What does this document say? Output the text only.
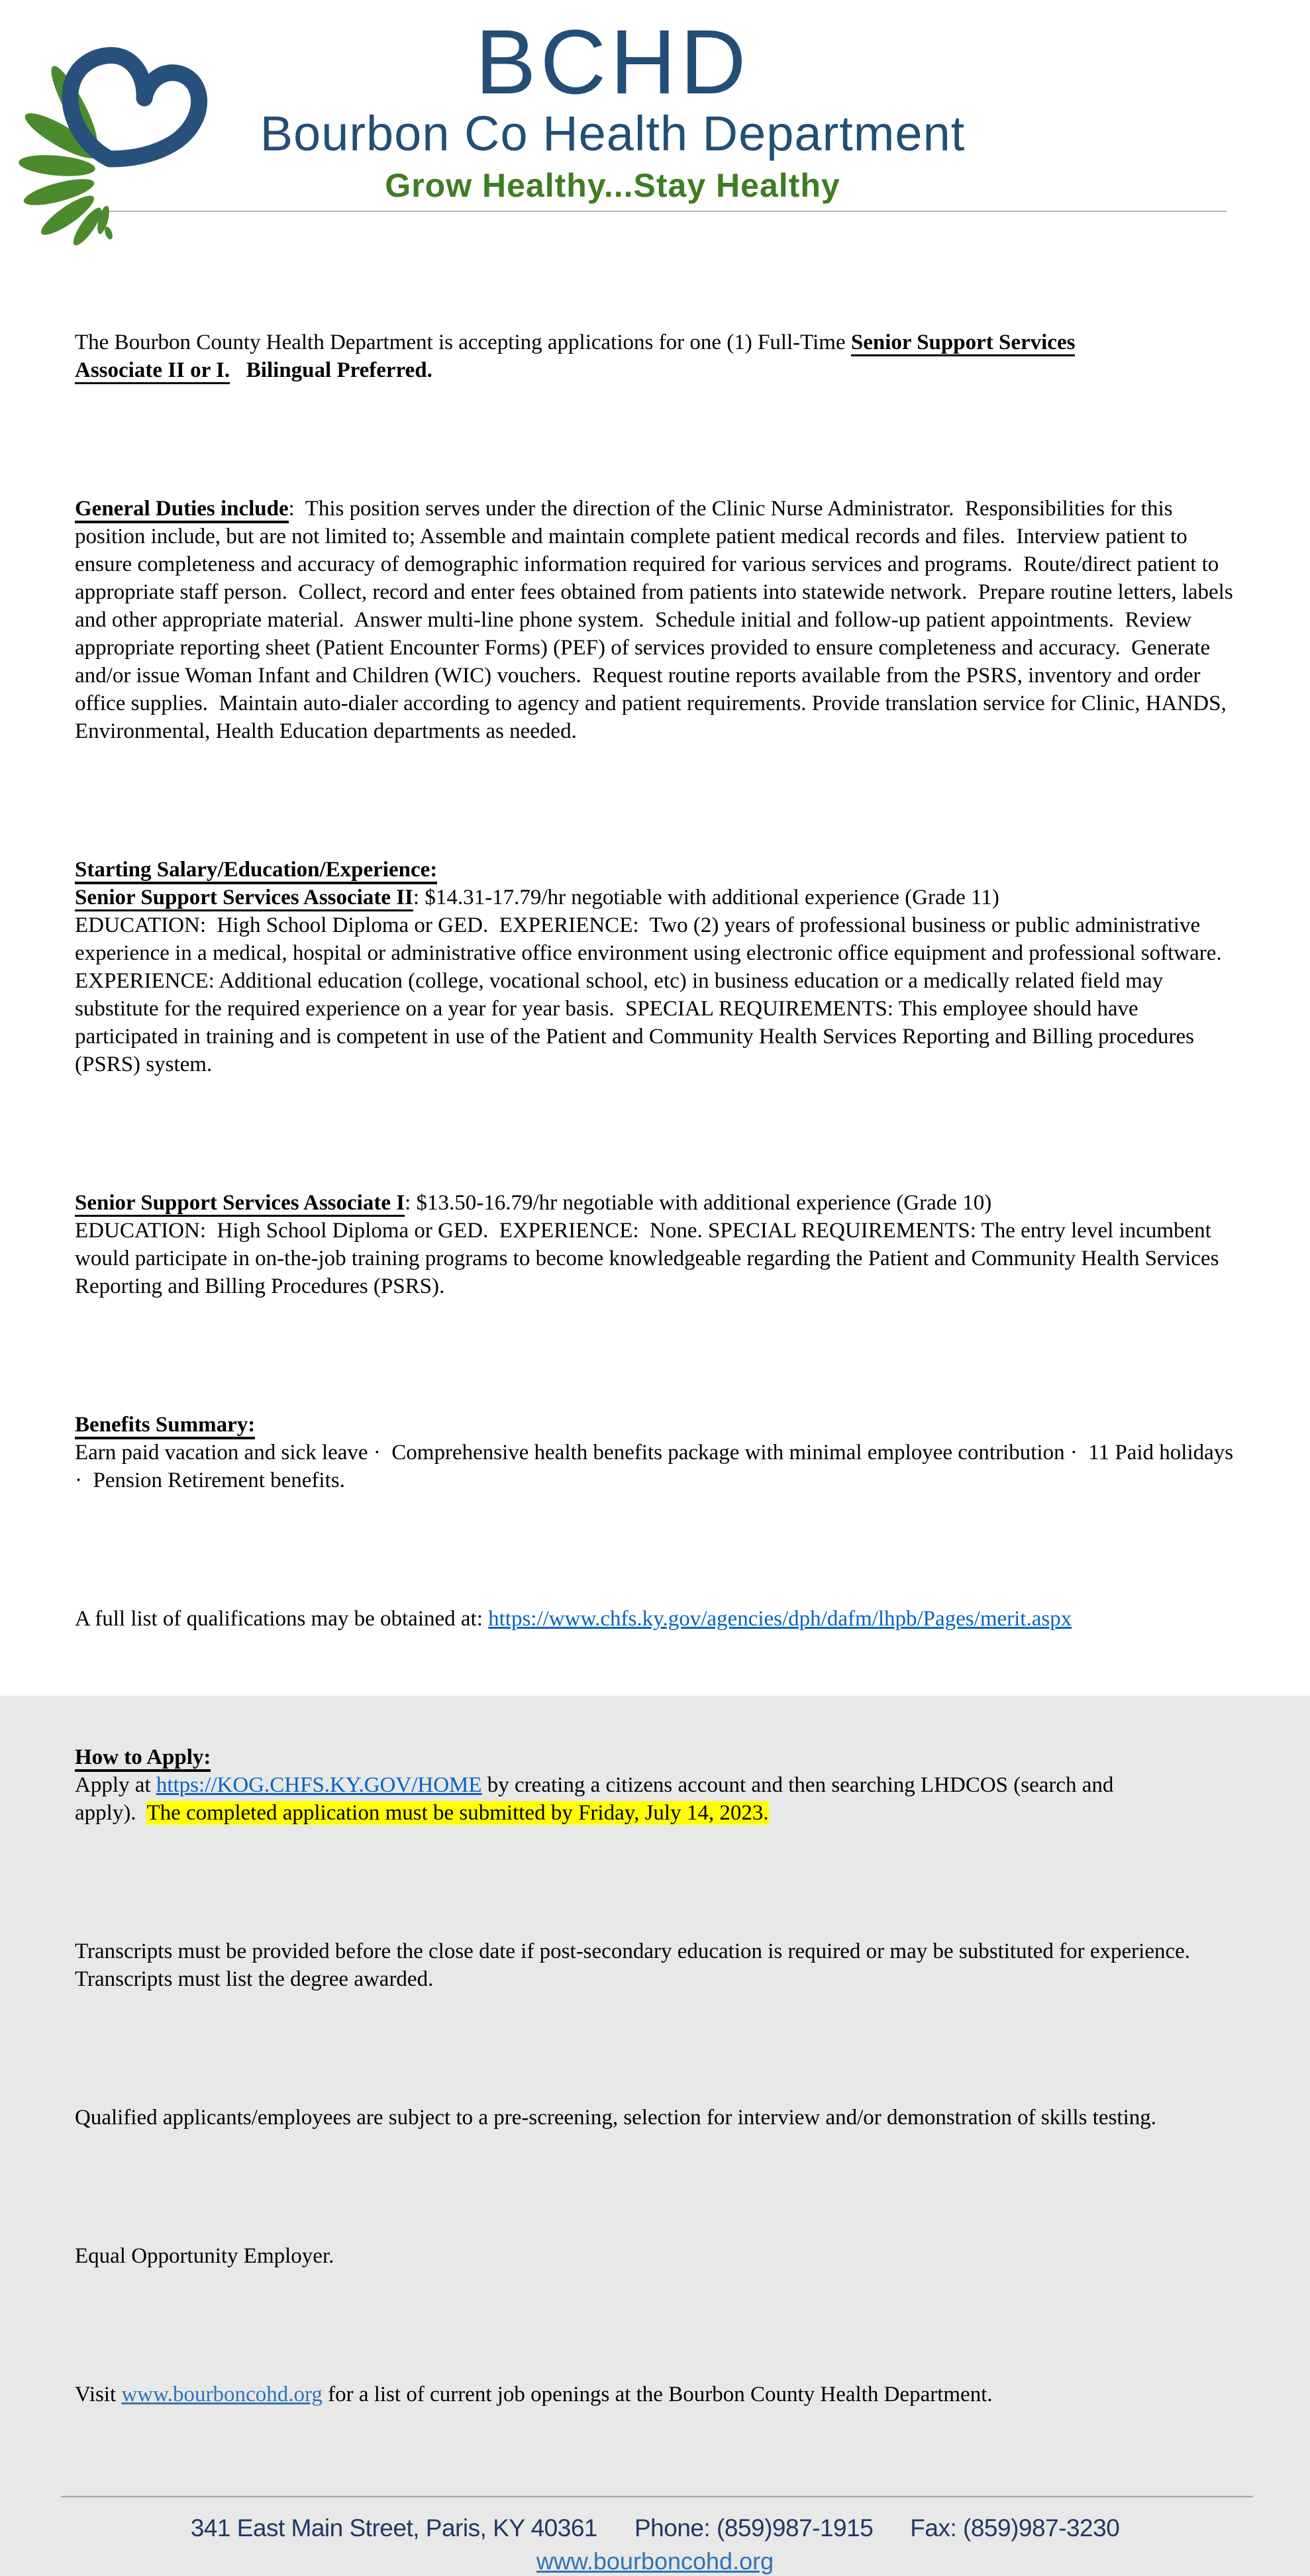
BCHD
Bourbon Co Health Department
Grow Healthy...Stay Healthy

The Bourbon County Health Department is accepting applications for one (1) Full-Time Senior Support Services
Associate II or I. Bilingual Preferred.

General Duties include:  This position serves under the direction of the Clinic Nurse Administrator.  Responsibilities for this position include, but are not limited to; Assemble and maintain complete patient medical records and files.  Interview patient to ensure completeness and accuracy of demographic information required for various services and programs.  Route/direct patient to appropriate staff person.  Collect, record and enter fees obtained from patients into statewide network.  Prepare routine letters, labels and other appropriate material.  Answer multi-line phone system.  Schedule initial and follow-up patient appointments.  Review appropriate reporting sheet (Patient Encounter Forms) (PEF) of services provided to ensure completeness and accuracy.  Generate and/or issue Woman Infant and Children (WIC) vouchers.  Request routine reports available from the PSRS, inventory and order office supplies.  Maintain auto-dialer according to agency and patient requirements. Provide translation service for Clinic, HANDS, Environmental, Health Education departments as needed.

Starting Salary/Education/Experience:
Senior Support Services Associate II: $14.31-17.79/hr negotiable with additional experience (Grade 11)
EDUCATION:  High School Diploma or GED.  EXPERIENCE:  Two (2) years of professional business or public administrative experience in a medical, hospital or administrative office environment using electronic office equipment and professional software. EXPERIENCE: Additional education (college, vocational school, etc) in business education or a medically related field may substitute for the required experience on a year for year basis.  SPECIAL REQUIREMENTS: This employee should have participated in training and is competent in use of the Patient and Community Health Services Reporting and Billing procedures (PSRS) system.

Senior Support Services Associate I: $13.50-16.79/hr negotiable with additional experience (Grade 10)
EDUCATION:  High School Diploma or GED.  EXPERIENCE:  None. SPECIAL REQUIREMENTS: The entry level incumbent would participate in on-the-job training programs to become knowledgeable regarding the Patient and Community Health Services Reporting and Billing Procedures (PSRS).

Benefits Summary:
Earn paid vacation and sick leave ·  Comprehensive health benefits package with minimal employee contribution ·  11 Paid holidays ·  Pension Retirement benefits.

A full list of qualifications may be obtained at: https://www.chfs.ky.gov/agencies/dph/dafm/lhpb/Pages/merit.aspx

How to Apply:
Apply at https://KOG.CHFS.KY.GOV/HOME by creating a citizens account and then searching LHDCOS (search and
apply).  The completed application must be submitted by Friday, July 14, 2023.

Transcripts must be provided before the close date if post-secondary education is required or may be substituted for experience.  Transcripts must list the degree awarded.

Qualified applicants/employees are subject to a pre-screening, selection for interview and/or demonstration of skills testing.

Equal Opportunity Employer.

Visit www.bourboncohd.org for a list of current job openings at the Bourbon County Health Department.

341 East Main Street, Paris, KY 40361 Phone: (859)987-1915 Fax: (859)987-3230
www.bourboncohd.org
